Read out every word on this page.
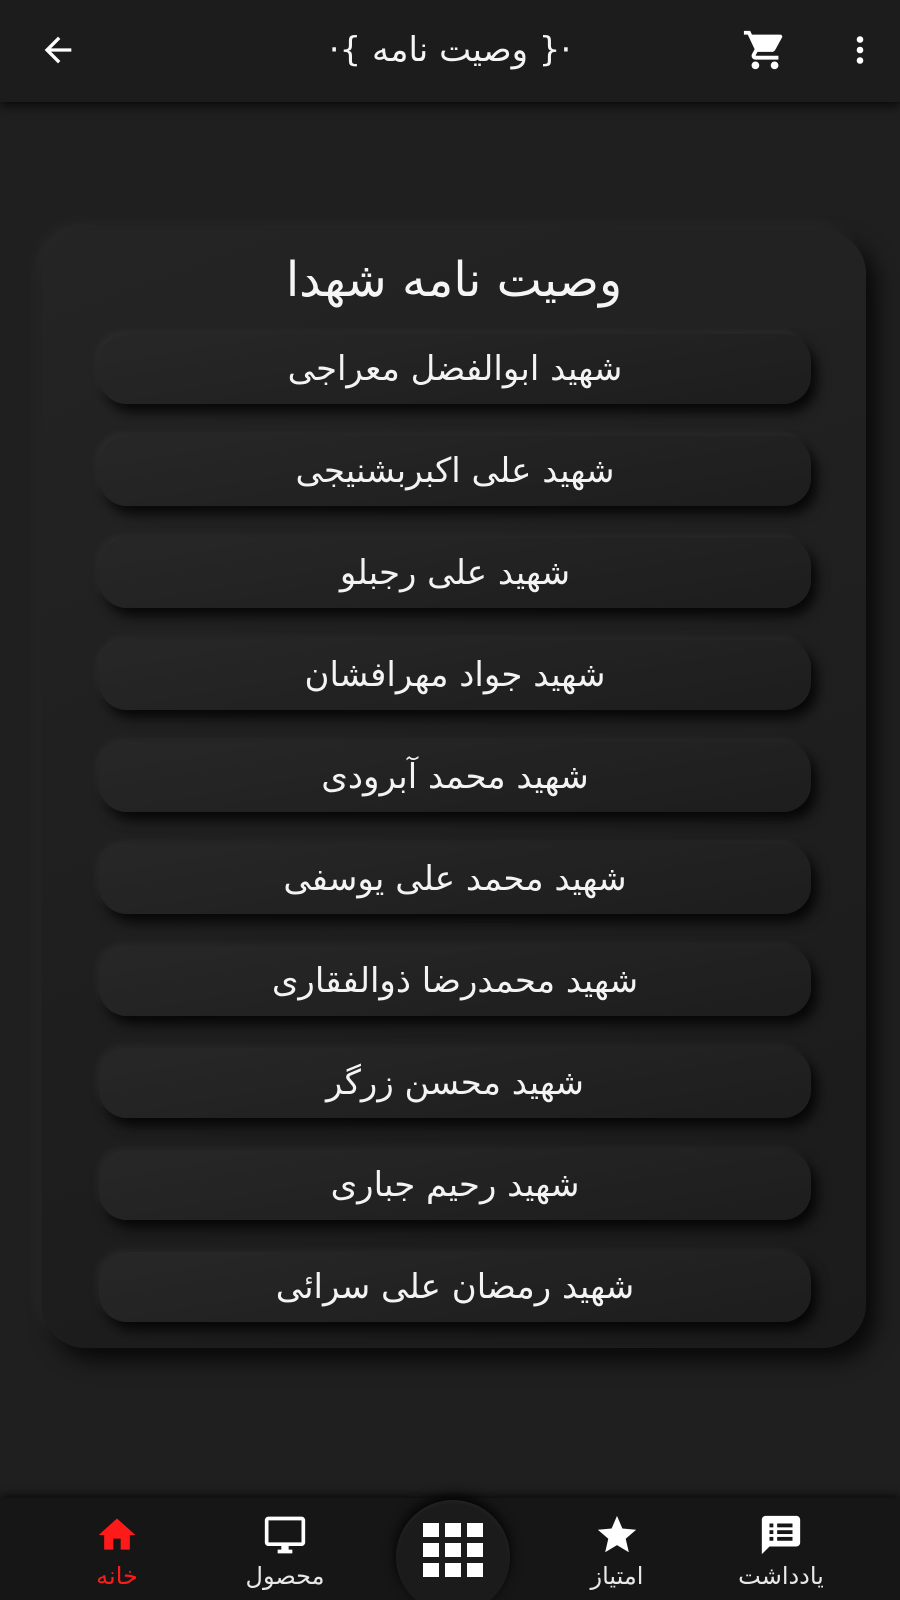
·{ وصیت نامه }·
وصیت نامه شهدا
شهید ابوالفضل معراجی
شهید علی اکبربشنیجی
شهید علی رجبلو
شهید جواد مهرافشان
شهید محمد آبرودی
شهید محمد علی یوسفی
شهید محمدرضا ذوالفقاری
شهید محسن زرگر
شهید رحیم جباری
شهید رمضان علی سرائی
خانه	محصول	امتیاز	یادداشت
